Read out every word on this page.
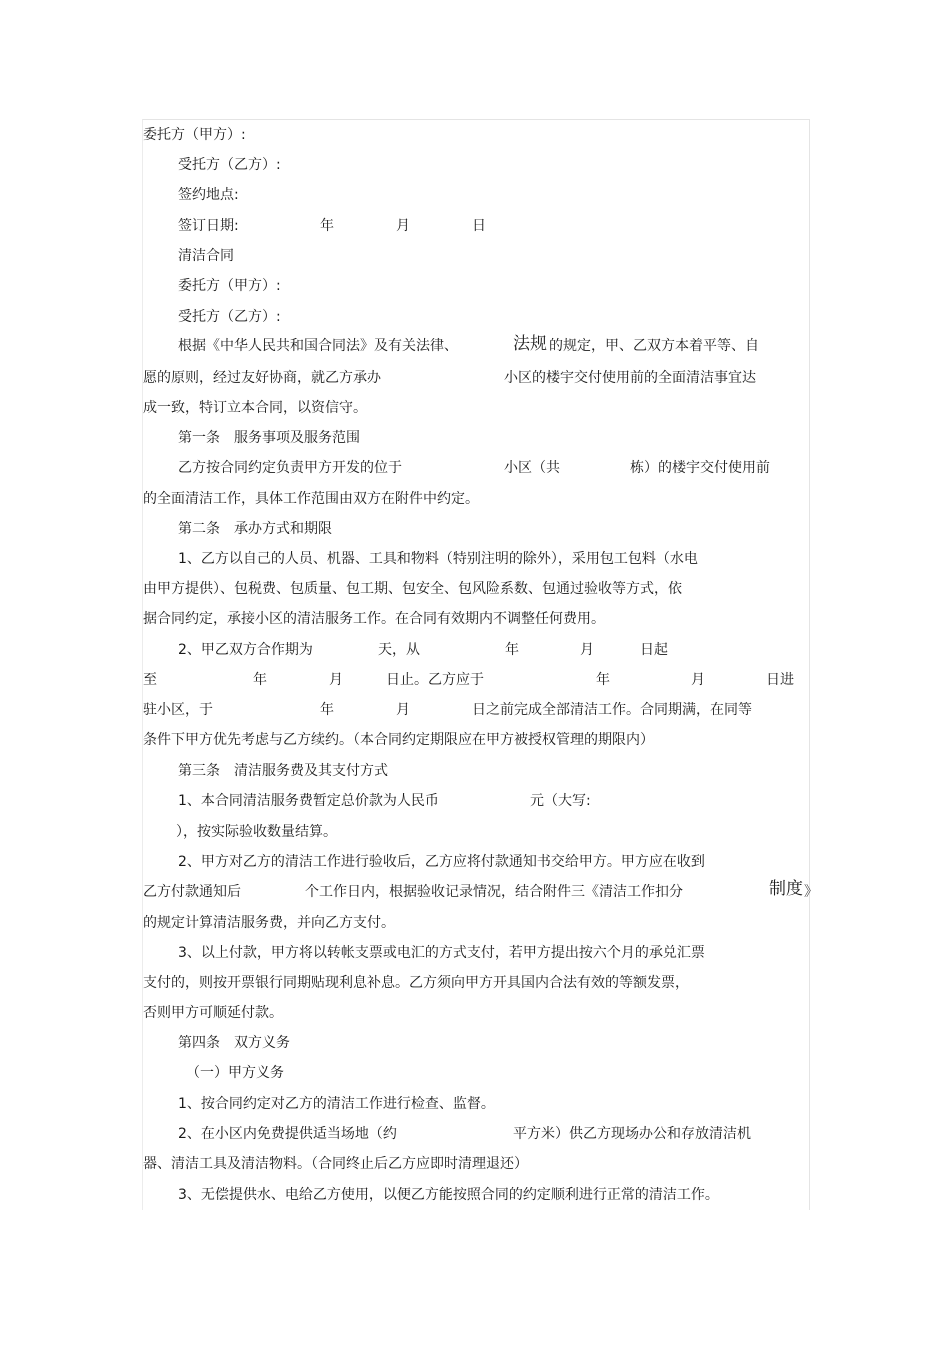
委托方（甲方）:
受托方（乙方）:
签约地点:
签订日期:	年	月	日
清洁合同
委托方（甲方）:
受托方（乙方）:
根据《中华人民共和国合同法》及有关法律、	法规 的规定，甲、乙双方本着平等、自
愿的原则，经过友好协商，就乙方承办	小区的楼宇交付使用前的全面清洁事宜达
成一致，特订立本合同，以资信守。
第一条　服务事项及服务范围
乙方按合同约定负责甲方开发的位于	小区（共	栋）的楼宇交付使用前
的全面清洁工作，具体工作范围由双方在附件中约定。
第二条　承办方式和期限
1、乙方以自己的人员、机器、工具和物料（特别注明的除外），采用包工包料（水电
由甲方提供）、包税费、包质量、包工期、包安全、包风险系数、包通过验收等方式，依
据合同约定，承接小区的清洁服务工作。在合同有效期内不调整任何费用。
2、甲乙双方合作期为	天，从	年	月	日起
至	年	月	日止。乙方应于	年	月	日进
驻小区，于	年	月	日之前完成全部清洁工作。合同期满，在同等
条件下甲方优先考虑与乙方续约。（本合同约定期限应在甲方被授权管理的期限内）
第三条　清洁服务费及其支付方式
1、本合同清洁服务费暂定总价款为人民币	元（大写:
），按实际验收数量结算。
2、甲方对乙方的清洁工作进行验收后，乙方应将付款通知书交给甲方。甲方应在收到
乙方付款通知后	个工作日内，根据验收记录情况，结合附件三《清洁工作扣分	制度 》
的规定计算清洁服务费，并向乙方支付。
3、以上付款，甲方将以转帐支票或电汇的方式支付，若甲方提出按六个月的承兑汇票
支付的，则按开票银行同期贴现利息补息。乙方须向甲方开具国内合法有效的等额发票，
否则甲方可顺延付款。
第四条　双方义务
（一）甲方义务
1、按合同约定对乙方的清洁工作进行检查、监督。
2、在小区内免费提供适当场地（约	平方米）供乙方现场办公和存放清洁机
器、清洁工具及清洁物料。（合同终止后乙方应即时清理退还）
3、无偿提供水、电给乙方使用，以便乙方能按照合同的约定顺利进行正常的清洁工作。
